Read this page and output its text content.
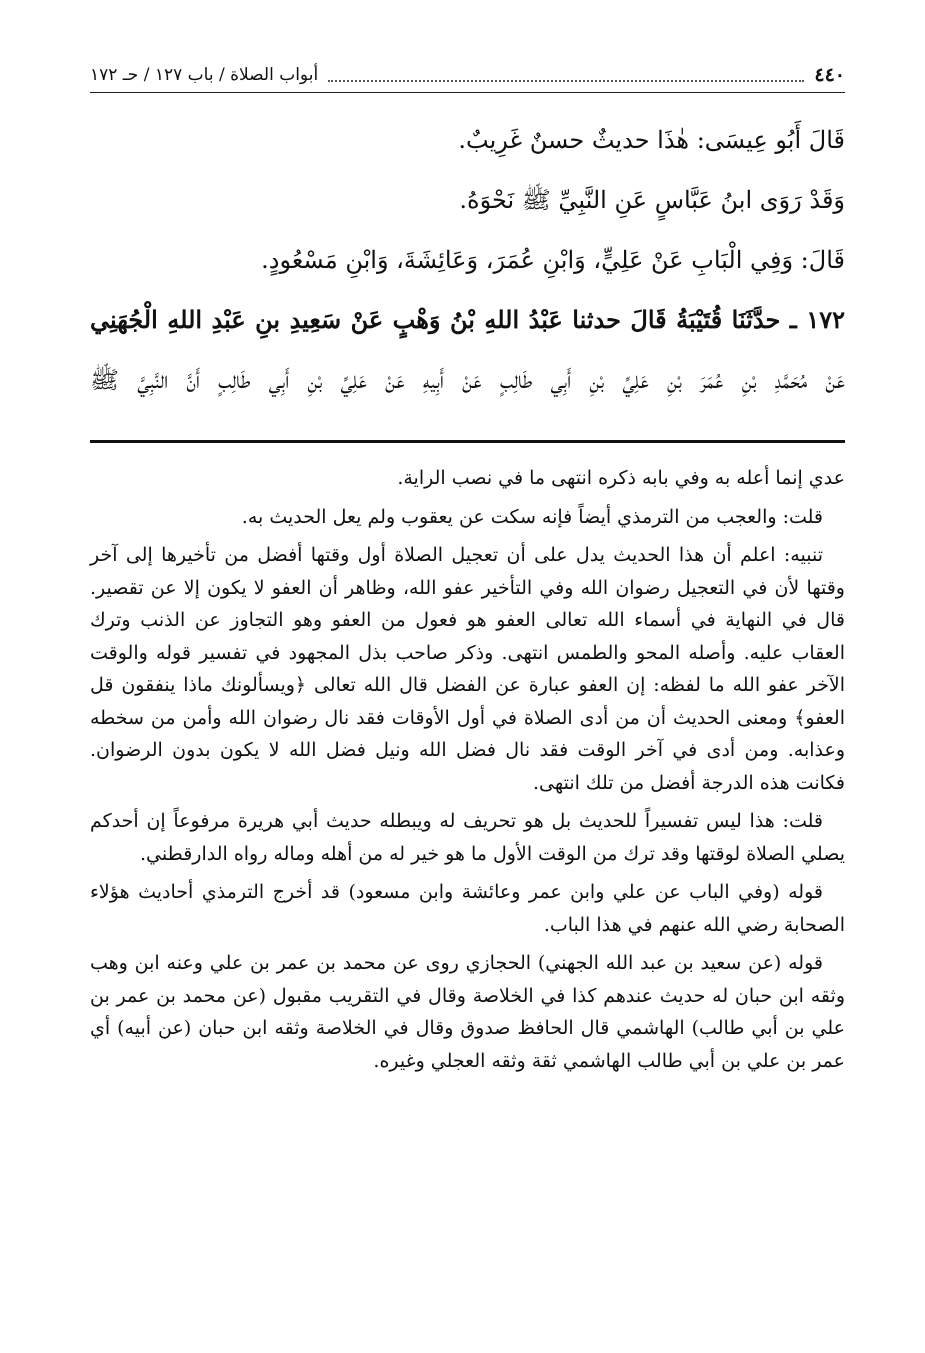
٤٤٠
أبواب الصلاة / باب ١٢٧ / حـ ١٧٢

قَالَ أَبُو عِيسَى: هٰذَا حديثٌ حسنٌ غَرِيبٌ.

وَقَدْ رَوَى ابنُ عَبَّاسٍ عَنِ النَّبِيِّ ﷺ نَحْوَهُ.

قَالَ: وَفِي الْبَابِ عَنْ عَلِيٍّ، وَابْنِ عُمَرَ، وَعَائِشَةَ، وَابْنِ مَسْعُودٍ.

١٧٢ ـ حدَّثَنَا قُتَيْبَةُ قَالَ حدثنا عَبْدُ اللهِ بْنُ وَهْبٍ عَنْ سَعِيدِ بنِ عَبْدِ اللهِ الْجُهَنِي

عَنْ مُحَمَّدِ بْنِ عُمَرَ بْنِ عَلِيِّ بْنِ أَبِي طَالِبٍ عَنْ أَبِيهِ عَنْ عَلِيِّ بْنِ أَبِي طَالِبٍ أَنَّ النَّبِيَّ ﷺ

عدي إنما أعله به وفي بابه ذكره انتهى ما في نصب الراية.

قلت: والعجب من الترمذي أيضاً فإنه سكت عن يعقوب ولم يعل الحديث به.

تنبيه: اعلم أن هذا الحديث يدل على أن تعجيل الصلاة أول وقتها أفضل من تأخيرها إلى آخر وقتها لأن في التعجيل رضوان الله وفي التأخير عفو الله، وظاهر أن العفو لا يكون إلا عن تقصير. قال في النهاية في أسماء الله تعالى العفو هو فعول من العفو وهو التجاوز عن الذنب وترك العقاب عليه. وأصله المحو والطمس انتهى. وذكر صاحب بذل المجهود في تفسير قوله والوقت الآخر عفو الله ما لفظه: إن العفو عبارة عن الفضل قال الله تعالى ﴿ويسألونك ماذا ينفقون قل العفو﴾ ومعنى الحديث أن من أدى الصلاة في أول الأوقات فقد نال رضوان الله وأمن من سخطه وعذابه. ومن أدى في آخر الوقت فقد نال فضل الله ونيل فضل الله لا يكون بدون الرضوان. فكانت هذه الدرجة أفضل من تلك انتهى.

قلت: هذا ليس تفسيراً للحديث بل هو تحريف له ويبطله حديث أبي هريرة مرفوعاً إن أحدكم يصلي الصلاة لوقتها وقد ترك من الوقت الأول ما هو خير له من أهله وماله رواه الدارقطني.

قوله (وفي الباب عن علي وابن عمر وعائشة وابن مسعود) قد أخرج الترمذي أحاديث هؤلاء الصحابة رضي الله عنهم في هذا الباب.

قوله (عن سعيد بن عبد الله الجهني) الحجازي روى عن محمد بن عمر بن علي وعنه ابن وهب وثقه ابن حبان له حديث عندهم كذا في الخلاصة وقال في التقريب مقبول (عن محمد بن عمر بن علي بن أبي طالب) الهاشمي قال الحافظ صدوق وقال في الخلاصة وثقه ابن حبان (عن أبيه) أي عمر بن علي بن أبي طالب الهاشمي ثقة وثقه العجلي وغيره.
